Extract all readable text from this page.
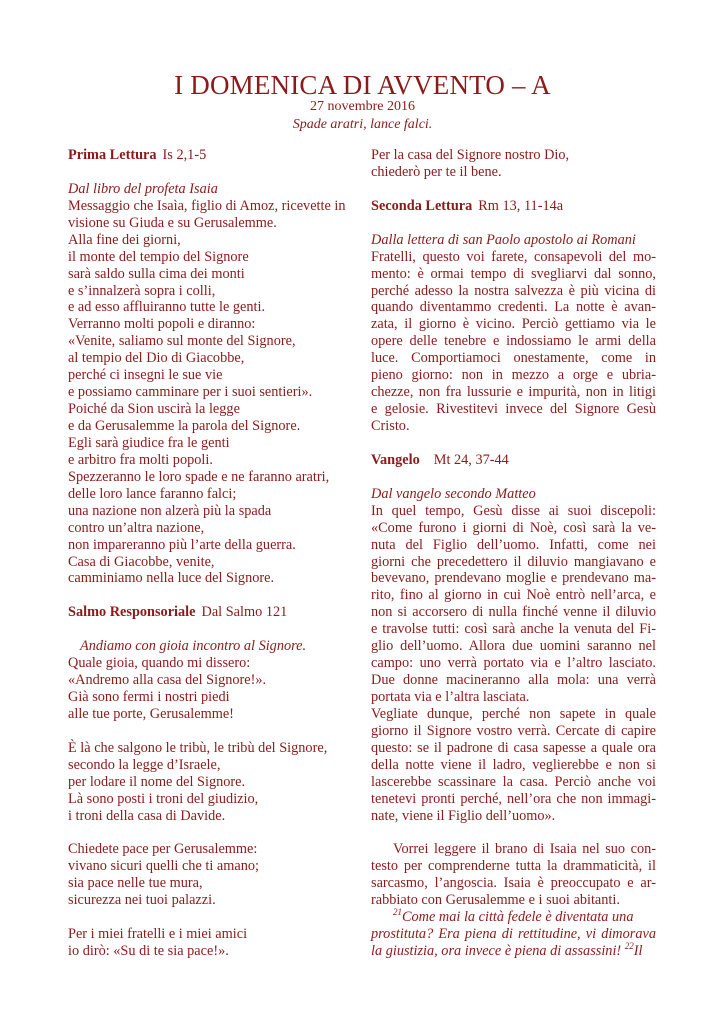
I DOMENICA DI AVVENTO – A
27 novembre 2016
Spade aratri, lance falci.
Prima Lettura Is 2,1-5
Dal libro del profeta Isaia
Messaggio che Isaìa, figlio di Amoz, ricevette in
visione su Giuda e su Gerusalemme.
Alla fine dei giorni,
il monte del tempio del Signore
sarà saldo sulla cima dei monti
e s’innalzerà sopra i colli,
e ad esso affluiranno tutte le genti.
Verranno molti popoli e diranno:
«Venite, saliamo sul monte del Signore,
al tempio del Dio di Giacobbe,
perché ci insegni le sue vie
e possiamo camminare per i suoi sentieri».
Poiché da Sion uscirà la legge
e da Gerusalemme la parola del Signore.
Egli sarà giudice fra le genti
e arbitro fra molti popoli.
Spezzeranno le loro spade e ne faranno aratri,
delle loro lance faranno falci;
una nazione non alzerà più la spada
contro un’altra nazione,
non impareranno più l’arte della guerra.
Casa di Giacobbe, venite,
camminiamo nella luce del Signore.
Salmo Responsoriale Dal Salmo 121
Andiamo con gioia incontro al Signore.
Quale gioia, quando mi dissero:
«Andremo alla casa del Signore!».
Già sono fermi i nostri piedi
alle tue porte, Gerusalemme!
È là che salgono le tribù, le tribù del Signore,
secondo la legge d’Israele,
per lodare il nome del Signore.
Là sono posti i troni del giudizio,
i troni della casa di Davide.
Chiedete pace per Gerusalemme:
vivano sicuri quelli che ti amano;
sia pace nelle tue mura,
sicurezza nei tuoi palazzi.
Per i miei fratelli e i miei amici
io dirò: «Su di te sia pace!».
Per la casa del Signore nostro Dio,
chiederò per te il bene.
Seconda Lettura Rm 13, 11-14a
Dalla lettera di san Paolo apostolo ai Romani
Fratelli, questo voi farete, consapevoli del mo-
mento: è ormai tempo di svegliarvi dal sonno,
perché adesso la nostra salvezza è più vicina di
quando diventammo credenti. La notte è avan-
zata, il giorno è vicino. Perciò gettiamo via le
opere delle tenebre e indossiamo le armi della
luce. Comportiamoci onestamente, come in
pieno giorno: non in mezzo a orge e ubria-
chezze, non fra lussurie e impurità, non in litigi
e gelosie. Rivestitevi invece del Signore Gesù
Cristo.
Vangelo Mt 24, 37-44
Dal vangelo secondo Matteo
In quel tempo, Gesù disse ai suoi discepoli:
«Come furono i giorni di Noè, così sarà la ve-
nuta del Figlio dell’uomo. Infatti, come nei
giorni che precedettero il diluvio mangiavano e
bevevano, prendevano moglie e prendevano ma-
rito, fino al giorno in cui Noè entrò nell’arca, e
non si accorsero di nulla finché venne il diluvio
e travolse tutti: così sarà anche la venuta del Fi-
glio dell’uomo. Allora due uomini saranno nel
campo: uno verrà portato via e l’altro lasciato.
Due donne macineranno alla mola: una verrà
portata via e l’altra lasciata.
Vegliate dunque, perché non sapete in quale
giorno il Signore vostro verrà. Cercate di capire
questo: se il padrone di casa sapesse a quale ora
della notte viene il ladro, veglierebbe e non si
lascerebbe scassinare la casa. Perciò anche voi
tenetevi pronti perché, nell’ora che non immagi-
nate, viene il Figlio dell’uomo».
Vorrei leggere il brano di Isaia nel suo con-
testo per comprenderne tutta la drammaticità, il
sarcasmo, l’angoscia. Isaia è preoccupato e ar-
rabbiato con Gerusalemme e i suoi abitanti.
$^{21}$Come mai la città fedele è diventata una
prostituta? Era piena di rettitudine, vi dimorava
la giustizia, ora invece è piena di assassini! $^{22}$Il
